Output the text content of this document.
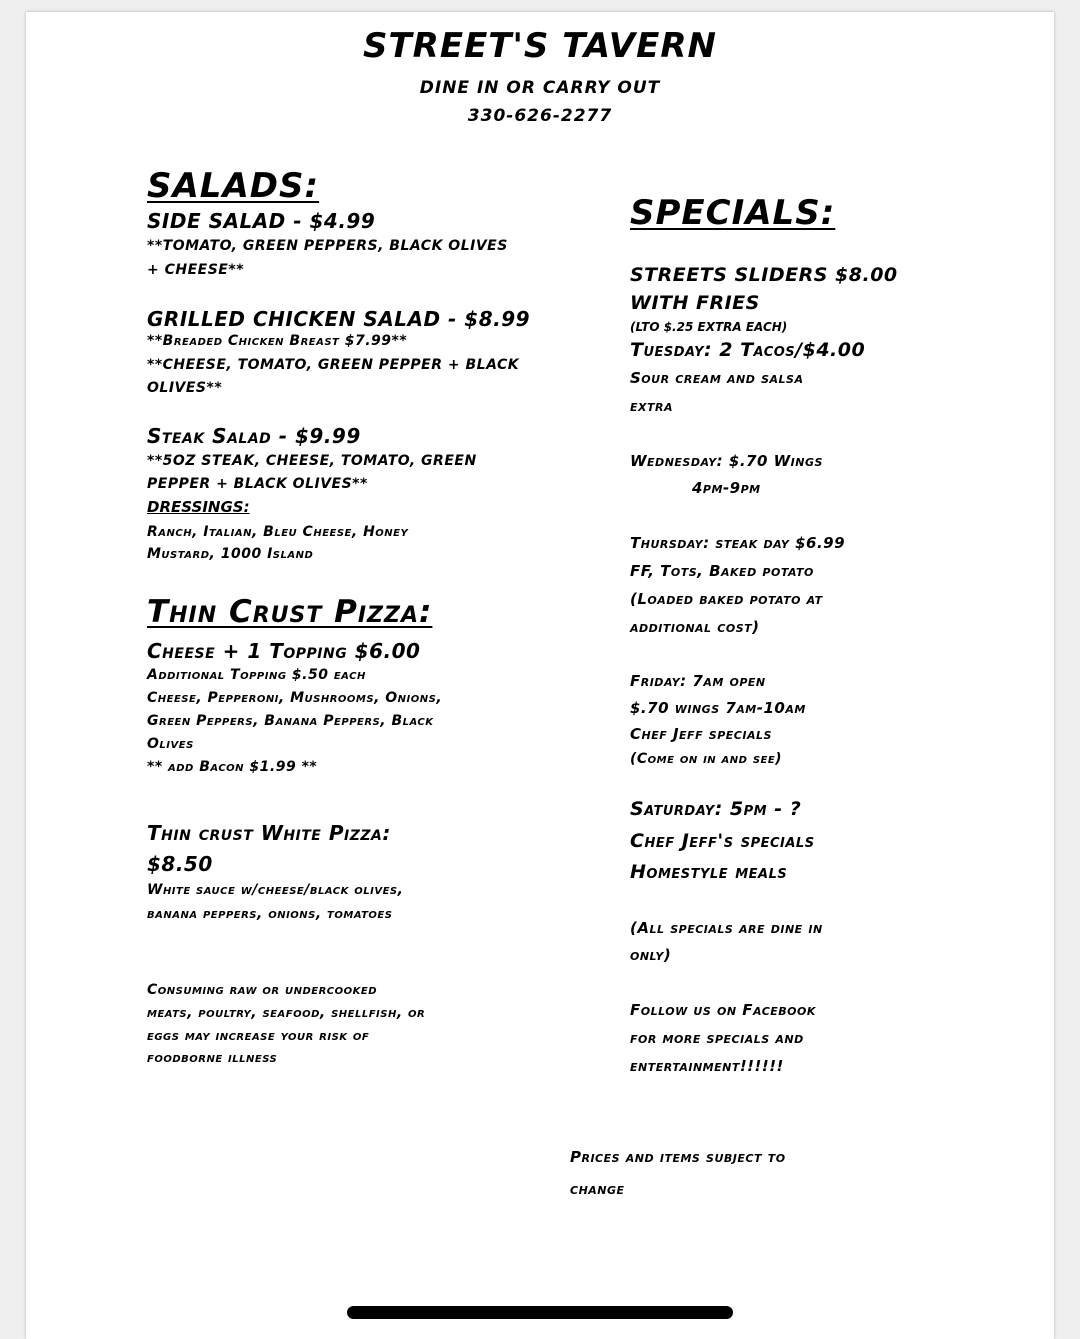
STREET'S TAVERN
DINE IN OR CARRY OUT
330-626-2277
SALADS:
SIDE SALAD - $4.99
**TOMATO, GREEN PEPPERS, BLACK OLIVES
+ CHEESE**
GRILLED CHICKEN SALAD - $8.99
**Breaded Chicken Breast $7.99**
**CHEESE, TOMATO, GREEN PEPPER + BLACK
OLIVES**
Steak Salad - $9.99
**5OZ STEAK, CHEESE, TOMATO, GREEN
PEPPER + BLACK OLIVES**
DRESSINGS:
Ranch, Italian, Bleu Cheese, Honey
Mustard, 1000 Island
Thin Crust Pizza:
Cheese + 1 Topping $6.00
Additional Topping $.50 each
Cheese, Pepperoni, Mushrooms, Onions,
Green Peppers, Banana Peppers, Black
Olives
** add Bacon $1.99 **
Thin crust White Pizza:
$8.50
White sauce w/cheese/black olives,
banana peppers, onions, tomatoes
Consuming raw or undercooked
meats, poultry, seafood, shellfish, or
eggs may increase your risk of
foodborne illness
SPECIALS:
STREETS SLIDERS $8.00
WITH FRIES
(LTO $.25 EXTRA EACH)
Tuesday: 2 Tacos/$4.00
Sour cream and salsa
extra
Wednesday: $.70 Wings
4pm-9pm
Thursday: steak day $6.99
FF, Tots, Baked potato
(Loaded baked potato at
additional cost)
Friday: 7am open
$.70 wings 7am-10am
Chef Jeff specials
(Come on in and see)
Saturday: 5pm - ?
Chef Jeff's specials
Homestyle meals
(All specials are dine in
only)
Follow us on Facebook
for more specials and
entertainment!!!!!!
Prices and items subject to
change
